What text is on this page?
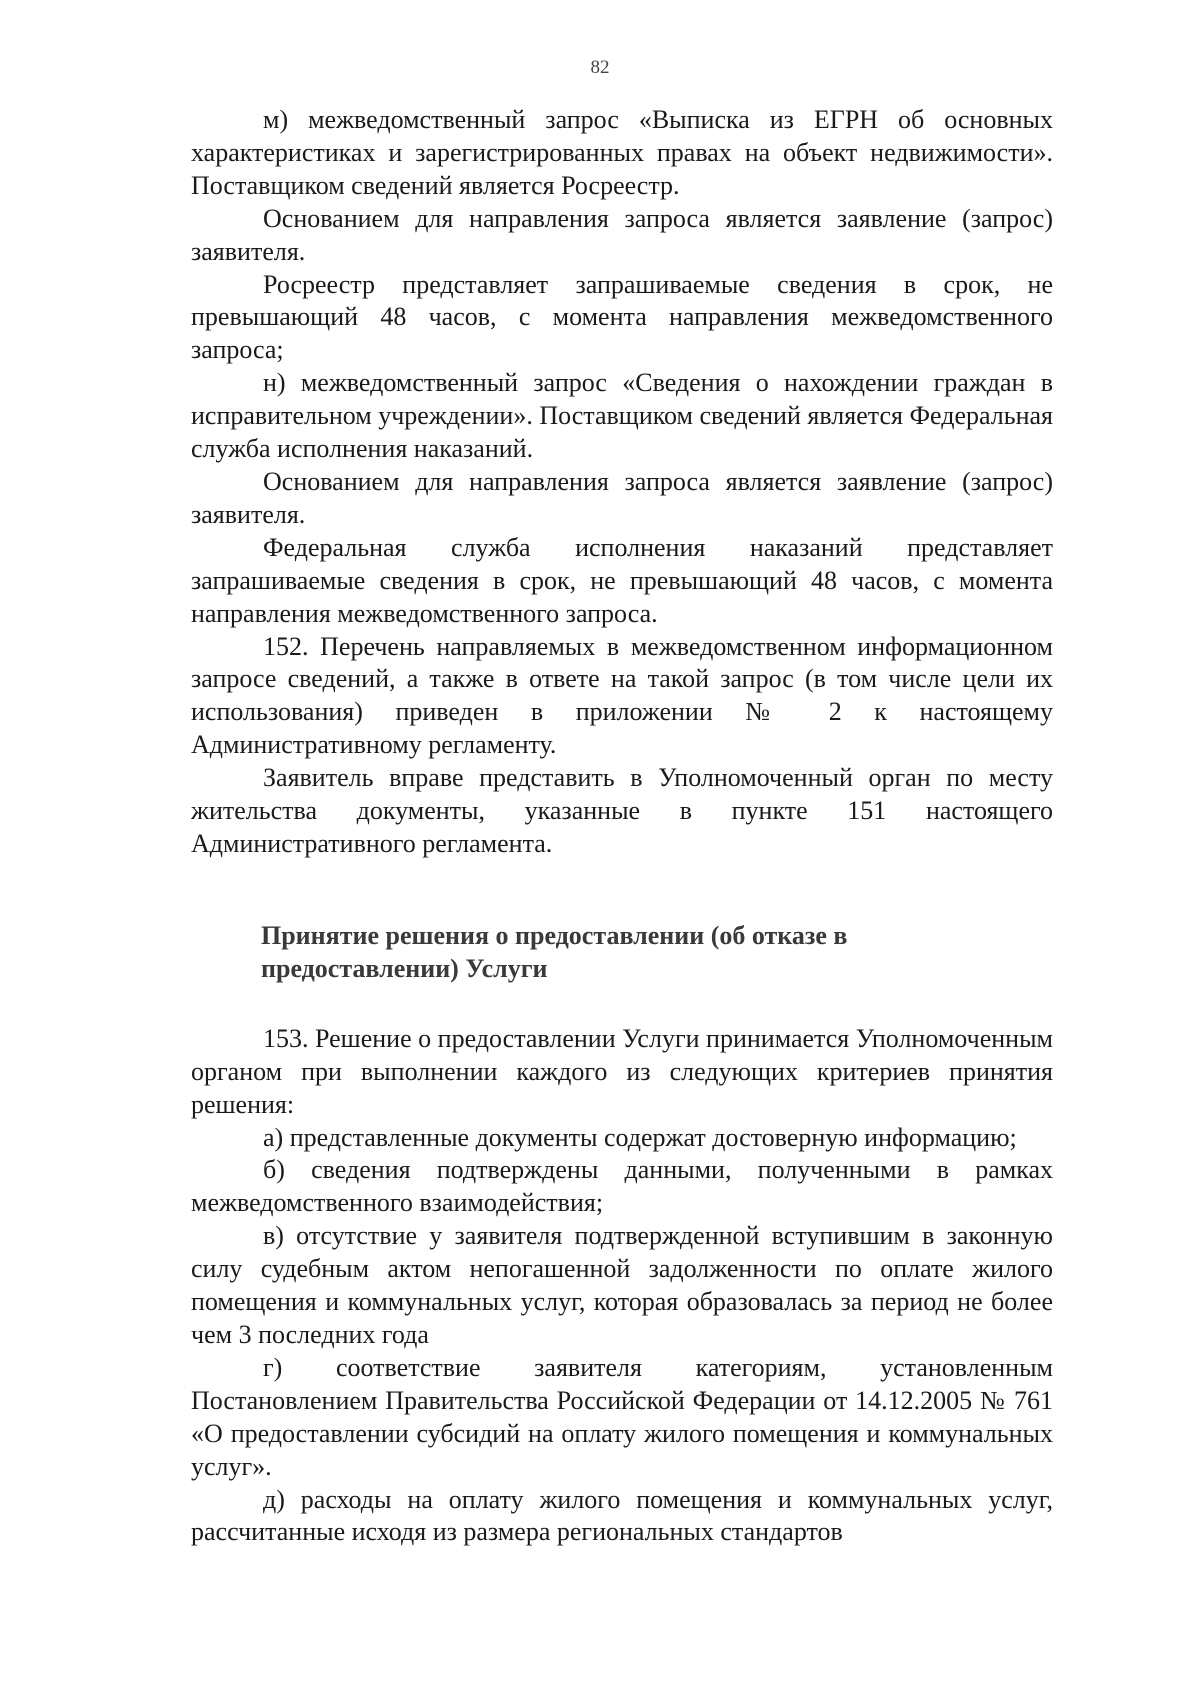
82

м) межведомственный запрос «Выписка из ЕГРН об основных характеристиках и зарегистрированных правах на объект недвижимости». Поставщиком сведений является Росреестр.

Основанием для направления запроса является заявление (запрос) заявителя.

Росреестр представляет запрашиваемые сведения в срок, не превышающий 48 часов, с момента направления межведомственного запроса;

н) межведомственный запрос «Сведения о нахождении граждан в исправительном учреждении». Поставщиком сведений является Федеральная служба исполнения наказаний.

Основанием для направления запроса является заявление (запрос) заявителя.

Федеральная служба исполнения наказаний представляет запрашиваемые сведения в срок, не превышающий 48 часов, с момента направления межведомственного запроса.

152. Перечень направляемых в межведомственном информационном запросе сведений, а также в ответе на такой запрос (в том числе цели их использования) приведен в приложении № 2 к настоящему Административному регламенту.

Заявитель вправе представить в Уполномоченный орган по месту жительства документы, указанные в пункте 151 настоящего Административного регламента.

Принятие решения о предоставлении (об отказе в

предоставлении) Услуги

153. Решение о предоставлении Услуги принимается Уполномоченным органом при выполнении каждого из следующих критериев принятия решения:

а) представленные документы содержат достоверную информацию;

б) сведения подтверждены данными, полученными в рамках межведомственного взаимодействия;

в) отсутствие у заявителя подтвержденной вступившим в законную силу судебным актом непогашенной задолженности по оплате жилого помещения и коммунальных услуг, которая образовалась за период не более чем 3 последних года

г) соответствие заявителя категориям, установленным Постановлением Правительства Российской Федерации от 14.12.2005 № 761 «О предоставлении субсидий на оплату жилого помещения и коммунальных услуг».

д) расходы на оплату жилого помещения и коммунальных услуг, рассчитанные исходя из размера региональных стандартов
